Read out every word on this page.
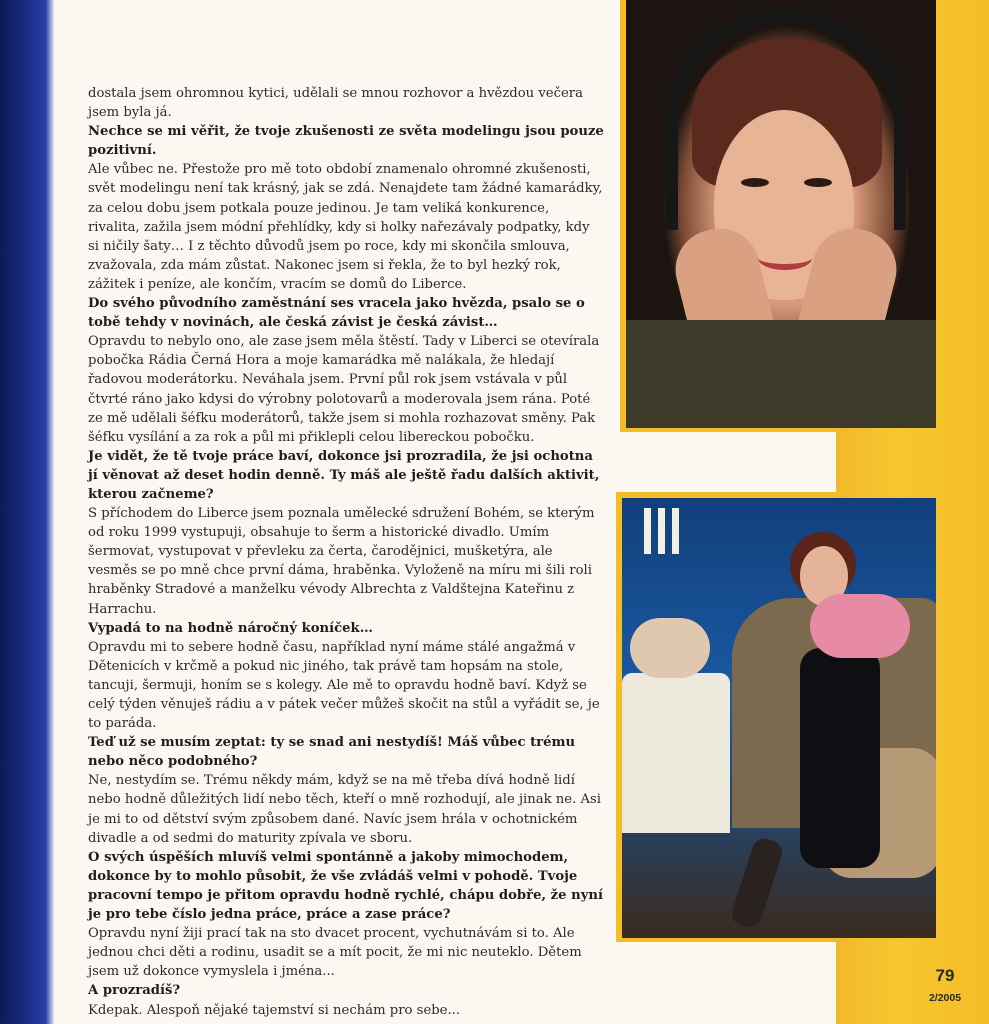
dostala jsem ohromnou kytici, udělali se mnou rozhovor a hvězdou večera jsem byla já.

Nechce se mi věřit, že tvoje zkušenosti ze světa modelingu jsou pouze pozitivní.

Ale vůbec ne. Přestože pro mě toto období znamenalo ohromné zkušenosti, svět modelingu není tak krásný, jak se zdá. Nenajdete tam žádné kamarádky, za celou dobu jsem potkala pouze jedinou. Je tam veliká konkurence, rivalita, zažila jsem módní přehlídky, kdy si holky nařezávaly podpatky, kdy si ničily šaty… I z těchto důvodů jsem po roce, kdy mi skončila smlouva, zvažovala, zda mám zůstat. Nakonec jsem si řekla, že to byl hezký rok, zážitek i peníze, ale končím, vracím se domů do Liberce.

Do svého původního zaměstnání ses vracela jako hvězda, psalo se o tobě tehdy v novinách, ale česká závist je česká závist…

Opravdu to nebylo ono, ale zase jsem měla štěstí. Tady v Liberci se otevírala pobočka Rádia Černá Hora a moje kamarádka mě nalákala, že hledají řadovou moderátorku. Neváhala jsem. První půl rok jsem vstávala v půl čtvrté ráno jako kdysi do výrobny polotovarů a moderovala jsem rána. Poté ze mě udělali šéfku moderátorů, takže jsem si mohla rozhazovat směny. Pak šéfku vysílání a za rok a půl mi přiklepli celou libereckou pobočku.

Je vidět, že tě tvoje práce baví, dokonce jsi prozradila, že jsi ochotna jí věnovat až deset hodin denně. Ty máš ale ještě řadu dalších aktivit, kterou začneme?

S příchodem do Liberce jsem poznala umělecké sdružení Bohém, se kterým od roku 1999 vystupuji, obsahuje to šerm a historické divadlo. Umím šermovat, vystupovat v převleku za čerta, čarodějnici, mušketýra, ale vesměs se po mně chce první dáma, hraběnka. Vyloženě na míru mi šili roli hraběnky Stradové a manželku vévody Albrechta z Valdštejna Kateřinu z Harrachu.

Vypadá to na hodně náročný koníček…

Opravdu mi to sebere hodně času, například nyní máme stálé angažmá v Dětenicích v krčmě a pokud nic jiného, tak právě tam hopsám na stole, tancuji, šermuji, honím se s kolegy. Ale mě to opravdu hodně baví. Když se celý týden věnuješ rádiu a v pátek večer můžeš skočit na stůl a vyřádit se, je to paráda.

Teď už se musím zeptat: ty se snad ani nestydíš! Máš vůbec trému nebo něco podobného?

Ne, nestydím se. Trému někdy mám, když se na mě třeba dívá hodně lidí nebo hodně důležitých lidí nebo těch, kteří o mně rozhodují, ale jinak ne. Asi je mi to od dětství svým způsobem dané. Navíc jsem hrála v ochotnickém divadle a od sedmi do maturity zpívala ve sboru.

O svých úspěších mluvíš velmi spontánně a jakoby mimochodem, dokonce by to mohlo působit, že vše zvládáš velmi v pohodě. Tvoje pracovní tempo je přitom opravdu hodně rychlé, chápu dobře, že nyní je pro tebe číslo jedna práce, práce a zase práce?

Opravdu nyní žiji prací tak na sto dvacet procent, vychutnávám si to. Ale jednou chci děti a rodinu, usadit se a mít pocit, že mi nic neuteklo. Dětem jsem už dokonce vymyslela i jména...

A prozradíš?

Kdepak. Alespoň nějaké tajemství si nechám pro sebe...

79
2/2005
